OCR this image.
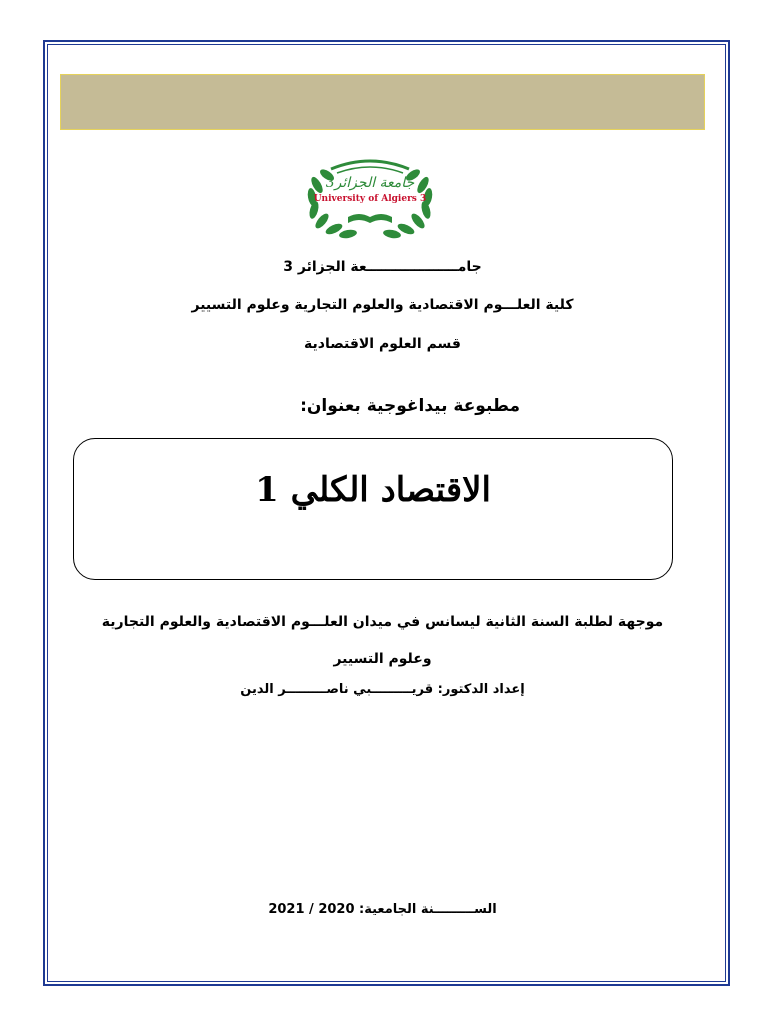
جامعة الجزائر3
University of Algiers 3
جامـــــــــــــــــــعة الجزائر 3
كلية العلـــوم الاقتصادية والعلوم التجارية وعلوم التسيير
قسم العلوم الاقتصادية
مطبوعة بيداغوجية بعنوان:
الاقتصاد الكلي 1
موجهة لطلبة السنة الثانية ليسانس في ميدان العلـــوم الاقتصادية والعلوم التجارية
وعلوم التسيير
إعداد الدكتور: قريـــــــــبي ناصـــــــــر الدين
الســـــــــنة الجامعية: 2020 / 2021
